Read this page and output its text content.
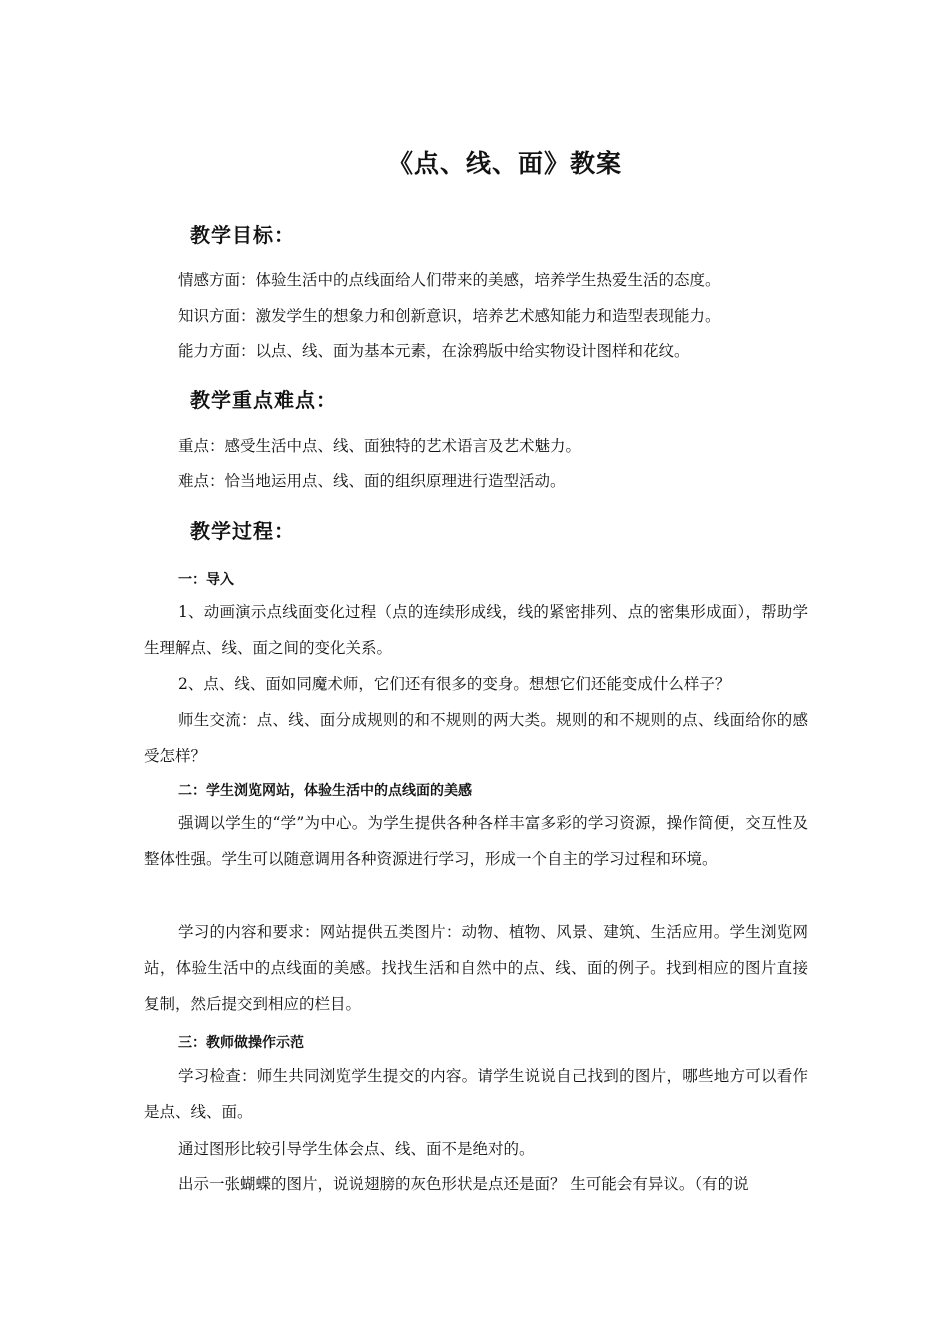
《点、线、面》教案
教学目标：
情感方面：体验生活中的点线面给人们带来的美感，培养学生热爱生活的态度。
知识方面：激发学生的想象力和创新意识，培养艺术感知能力和造型表现能力。
能力方面：以点、线、面为基本元素，在涂鸦版中给实物设计图样和花纹。
教学重点难点：
重点：感受生活中点、线、面独特的艺术语言及艺术魅力。
难点：恰当地运用点、线、面的组织原理进行造型活动。
教学过程：
一：导入
1、动画演示点线面变化过程（点的连续形成线，线的紧密排列、点的密集形成面），帮助学生理解点、线、面之间的变化关系。
2、点、线、面如同魔术师，它们还有很多的变身。想想它们还能变成什么样子？
师生交流：点、线、面分成规则的和不规则的两大类。规则的和不规则的点、线面给你的感受怎样？
二：学生浏览网站，体验生活中的点线面的美感
强调以学生的“学”为中心。为学生提供各种各样丰富多彩的学习资源，操作简便，交互性及整体性强。学生可以随意调用各种资源进行学习，形成一个自主的学习过程和环境。
学习的内容和要求：网站提供五类图片：动物、植物、风景、建筑、生活应用。学生浏览网站，体验生活中的点线面的美感。找找生活和自然中的点、线、面的例子。找到相应的图片直接复制，然后提交到相应的栏目。
三：教师做操作示范
学习检查：师生共同浏览学生提交的内容。请学生说说自己找到的图片，哪些地方可以看作是点、线、面。
通过图形比较引导学生体会点、线、面不是绝对的。
出示一张蝴蝶的图片，说说翅膀的灰色形状是点还是面？ 生可能会有异议。（有的说
